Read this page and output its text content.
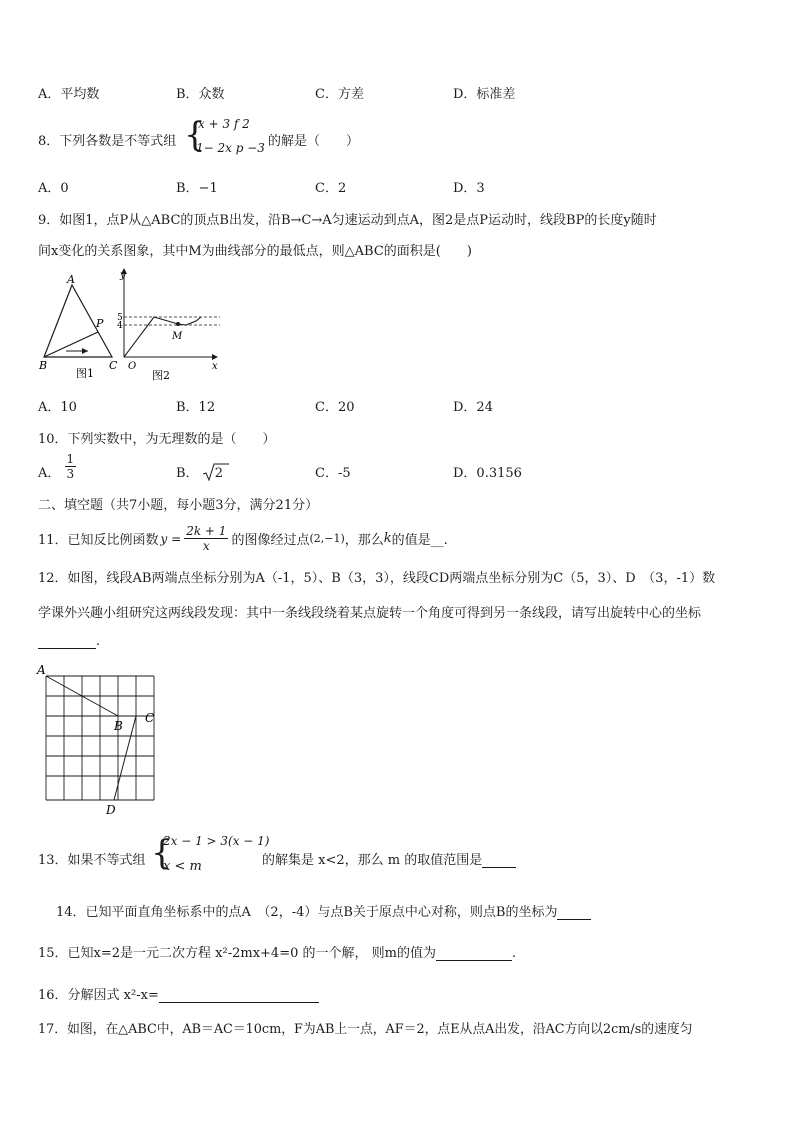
A．平均数	B．众数	C．方差	D．标准差
8．下列各数是不等式组 {
x + 3 f 2
1− 2x p −3 的解是（　　）
A．0	B．−1	C．2	D．3
9．如图1，点P从△ABC的顶点B出发，沿B→C→A匀速运动到点A，图2是点P运动时，线段BP的长度y随时
间x变化的关系图象，其中M为曲线部分的最低点，则△ABC的面积是(　　)
A
B	C
P
图1
y
x
O
M
5
4
图2
A．10	B．12	C．20	D．24
10．下列实数中，为无理数的是（　　）
A． $\frac{1}{3}$	B． 2	C．-5	D．0.3156
二、填空题（共7小题，每小题3分，满分21分）
11．已知反比例函数 $y = \frac{2k + 1}{x}$ 的图像经过点 (2,−1) ，那么 k 的值是__.
12．如图，线段AB两端点坐标分别为A（-1，5）、B（3，3），线段CD两端点坐标分别为C（5，3）、D　（3，-1）数
学课外兴趣小组研究这两线段发现：其中一条线段绕着某点旋转一个角度可得到另一条线段，请写出旋转中心的坐标
.
A
B
C
D
13．如果不等式组 {
2x − 1 > 3(x − 1)
x < m	的解集是 x<2，那么 m 的取值范围是
14．已知平面直角坐标系中的点A　（2，-4）与点B关于原点中心对称，则点B的坐标为
15．已知x=2是一元二次方程 x²-2mx+4=0 的一个解， 则m的值为	.
16．分解因式 x²-x=
17．如图，在△ABC中，AB＝AC＝10cm，F为AB上一点，AF＝2，点E从点A出发，沿AC方向以2cm/s的速度匀
